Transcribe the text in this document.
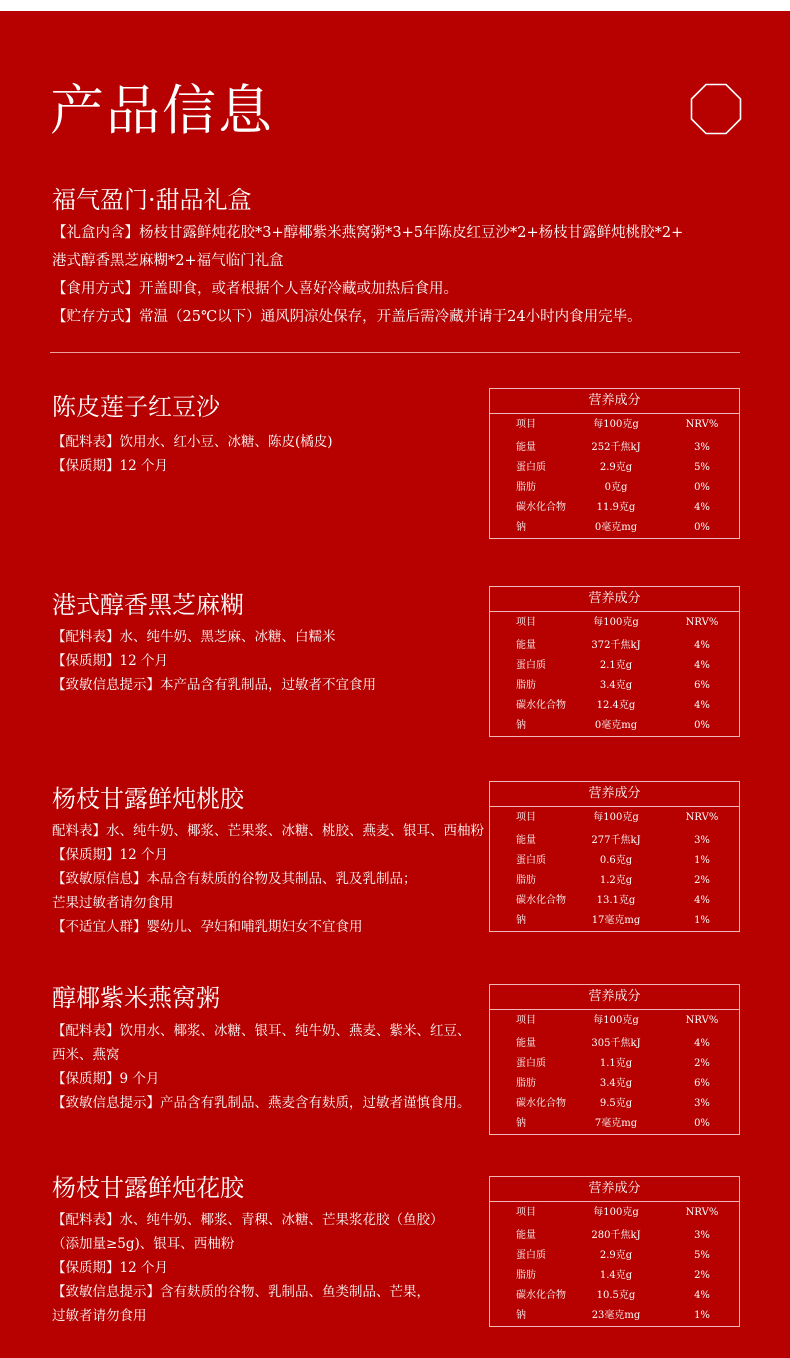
产品信息
福气盈门·甜品礼盒
【礼盒内含】杨枝甘露鲜炖花胶*3+醇椰紫米燕窝粥*3+5年陈皮红豆沙*2+杨枝甘露鲜炖桃胶*2+
港式醇香黑芝麻糊*2+福气临门礼盒
【食用方式】开盖即食，或者根据个人喜好冷藏或加热后食用。
【贮存方式】常温（25℃以下）通风阴凉处保存，开盖后需冷藏并请于24小时内食用完毕。
陈皮莲子红豆沙
【配料表】饮用水、红小豆、冰糖、陈皮(橘皮)
【保质期】12 个月
营养成分
项目	每100克g	NRV%
能量	252千焦kJ	3%
蛋白质	2.9克g	5%
脂肪	0克g	0%
碳水化合物	11.9克g	4%
钠	0毫克mg	0%
港式醇香黑芝麻糊
【配料表】水、纯牛奶、黑芝麻、冰糖、白糯米
【保质期】12 个月
【致敏信息提示】本产品含有乳制品，过敏者不宜食用
营养成分
项目	每100克g	NRV%
能量	372千焦kJ	4%
蛋白质	2.1克g	4%
脂肪	3.4克g	6%
碳水化合物	12.4克g	4%
钠	0毫克mg	0%
杨枝甘露鲜炖桃胶
配料表】水、纯牛奶、椰浆、芒果浆、冰糖、桃胶、燕麦、银耳、西柚粉
【保质期】12 个月
【致敏原信息】本品含有麸质的谷物及其制品、乳及乳制品；
芒果过敏者请勿食用
【不适宜人群】婴幼儿、孕妇和哺乳期妇女不宜食用
营养成分
项目	每100克g	NRV%
能量	277千焦kJ	3%
蛋白质	0.6克g	1%
脂肪	1.2克g	2%
碳水化合物	13.1克g	4%
钠	17毫克mg	1%
醇椰紫米燕窝粥
【配料表】饮用水、椰浆、冰糖、银耳、纯牛奶、燕麦、紫米、红豆、
西米、燕窝
【保质期】9 个月
【致敏信息提示】产品含有乳制品、燕麦含有麸质，过敏者谨慎食用。
营养成分
项目	每100克g	NRV%
能量	305千焦kJ	4%
蛋白质	1.1克g	2%
脂肪	3.4克g	6%
碳水化合物	9.5克g	3%
钠	7毫克mg	0%
杨枝甘露鲜炖花胶
【配料表】水、纯牛奶、椰浆、青稞、冰糖、芒果浆花胶（鱼胶）
（添加量≥5g)、银耳、西柚粉
【保质期】12 个月
【致敏信息提示】含有麸质的谷物、乳制品、鱼类制品、芒果，
过敏者请勿食用
营养成分
项目	每100克g	NRV%
能量	280千焦kJ	3%
蛋白质	2.9克g	5%
脂肪	1.4克g	2%
碳水化合物	10.5克g	4%
钠	23毫克mg	1%
